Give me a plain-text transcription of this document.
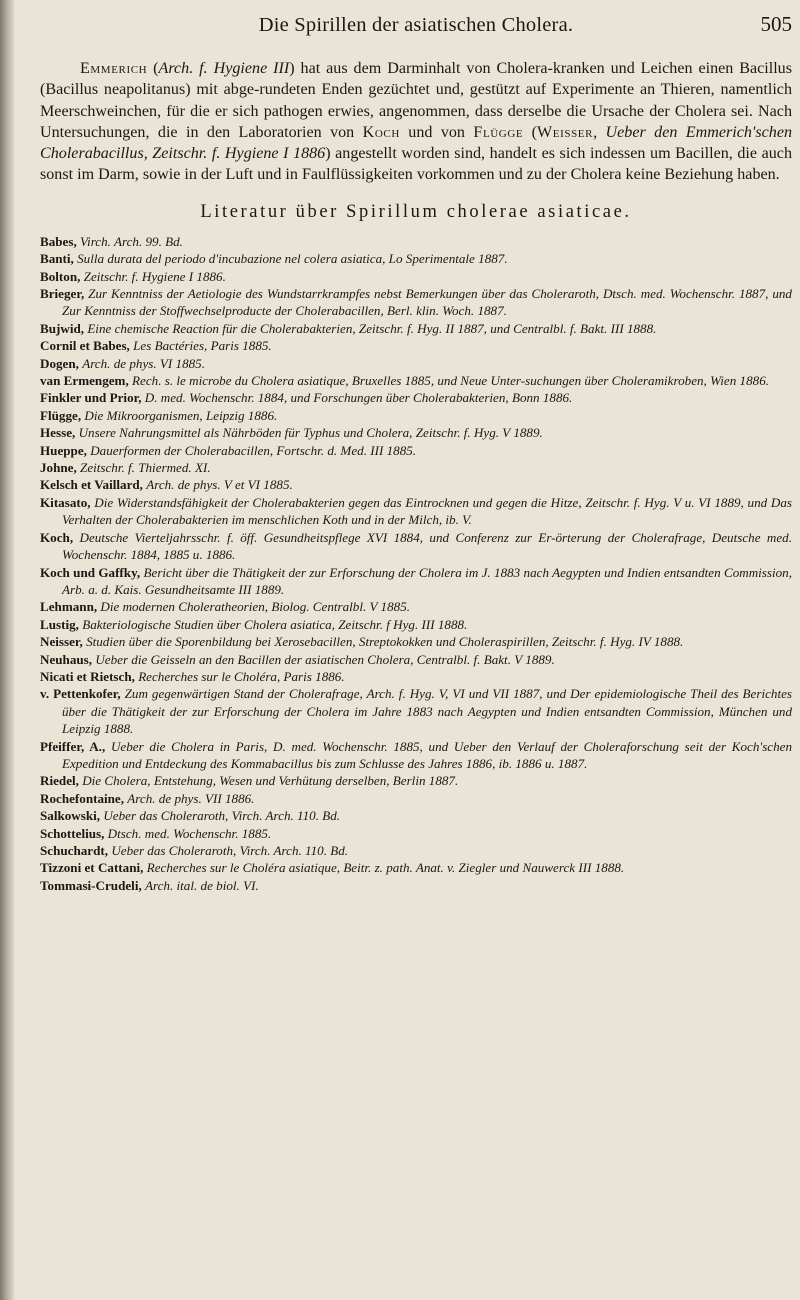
Die Spirillen der asiatischen Cholera.	505

Emmerich (Arch. f. Hygiene III) hat aus dem Darminhalt von Cholera-kranken und Leichen einen Bacillus (Bacillus neapolitanus) mit abge-rundeten Enden gezüchtet und, gestützt auf Experimente an Thieren, namentlich Meerschweinchen, für die er sich pathogen erwies, angenommen, dass derselbe die Ursache der Cholera sei. Nach Untersuchungen, die in den Laboratorien von Koch und von Flügge (Weisser, Ueber den Emmerich'schen Cholerabacillus, Zeitschr. f. Hygiene I 1886) angestellt worden sind, handelt es sich indessen um Bacillen, die auch sonst im Darm, sowie in der Luft und in Faulflüssigkeiten vorkommen und zu der Cholera keine Beziehung haben.

Literatur über Spirillum cholerae asiaticae.
Babes, Virch. Arch. 99. Bd.
Banti, Sulla durata del periodo d'incubazione nel colera asiatica, Lo Sperimentale 1887.
Bolton, Zeitschr. f. Hygiene I 1886.
Brieger, Zur Kenntniss der Aetiologie des Wundstarrkrampfes nebst Bemerkungen über das Choleraroth, Dtsch. med. Wochenschr. 1887, und Zur Kenntniss der Stoffwechselproducte der Cholerabacillen, Berl. klin. Woch. 1887.
Bujwid, Eine chemische Reaction für die Cholerabakterien, Zeitschr. f. Hyg. II 1887, und Centralbl. f. Bakt. III 1888.
Cornil et Babes, Les Bactéries, Paris 1885.
Dogen, Arch. de phys. VI 1885.
van Ermengem, Rech. s. le microbe du Cholera asiatique, Bruxelles 1885, und Neue Unter-suchungen über Choleramikroben, Wien 1886.
Finkler und Prior, D. med. Wochenschr. 1884, und Forschungen über Cholerabakterien, Bonn 1886.
Flügge, Die Mikroorganismen, Leipzig 1886.
Hesse, Unsere Nahrungsmittel als Nährböden für Typhus und Cholera, Zeitschr. f. Hyg. V 1889.
Hueppe, Dauerformen der Cholerabacillen, Fortschr. d. Med. III 1885.
Johne, Zeitschr. f. Thiermed. XI.
Kelsch et Vaillard, Arch. de phys. V et VI 1885.
Kitasato, Die Widerstandsfähigkeit der Cholerabakterien gegen das Eintrocknen und gegen die Hitze, Zeitschr. f. Hyg. V u. VI 1889, und Das Verhalten der Cholerabakterien im menschlichen Koth und in der Milch, ib. V.
Koch, Deutsche Vierteljahrsschr. f. öff. Gesundheitspflege XVI 1884, und Conferenz zur Er-örterung der Cholerafrage, Deutsche med. Wochenschr. 1884, 1885 u. 1886.
Koch und Gaffky, Bericht über die Thätigkeit der zur Erforschung der Cholera im J. 1883 nach Aegypten und Indien entsandten Commission, Arb. a. d. Kais. Gesundheitsamte III 1889.
Lehmann, Die modernen Choleratheorien, Biolog. Centralbl. V 1885.
Lustig, Bakteriologische Studien über Cholera asiatica, Zeitschr. f Hyg. III 1888.
Neisser, Studien über die Sporenbildung bei Xerosebacillen, Streptokokken und Choleraspirillen, Zeitschr. f. Hyg. IV 1888.
Neuhaus, Ueber die Geisseln an den Bacillen der asiatischen Cholera, Centralbl. f. Bakt. V 1889.
Nicati et Rietsch, Recherches sur le Choléra, Paris 1886.
v. Pettenkofer, Zum gegenwärtigen Stand der Cholerafrage, Arch. f. Hyg. V, VI und VII 1887, und Der epidemiologische Theil des Berichtes über die Thätigkeit der zur Erforschung der Cholera im Jahre 1883 nach Aegypten und Indien entsandten Commission, München und Leipzig 1888.
Pfeiffer, A., Ueber die Cholera in Paris, D. med. Wochenschr. 1885, und Ueber den Verlauf der Choleraforschung seit der Koch'schen Expedition und Entdeckung des Kommabacillus bis zum Schlusse des Jahres 1886, ib. 1886 u. 1887.
Riedel, Die Cholera, Entstehung, Wesen und Verhütung derselben, Berlin 1887.
Rochefontaine, Arch. de phys. VII 1886.
Salkowski, Ueber das Choleraroth, Virch. Arch. 110. Bd.
Schottelius, Dtsch. med. Wochenschr. 1885.
Schuchardt, Ueber das Choleraroth, Virch. Arch. 110. Bd.
Tizzoni et Cattani, Recherches sur le Choléra asiatique, Beitr. z. path. Anat. v. Ziegler und Nauwerck III 1888.
Tommasi-Crudeli, Arch. ital. de biol. VI.
